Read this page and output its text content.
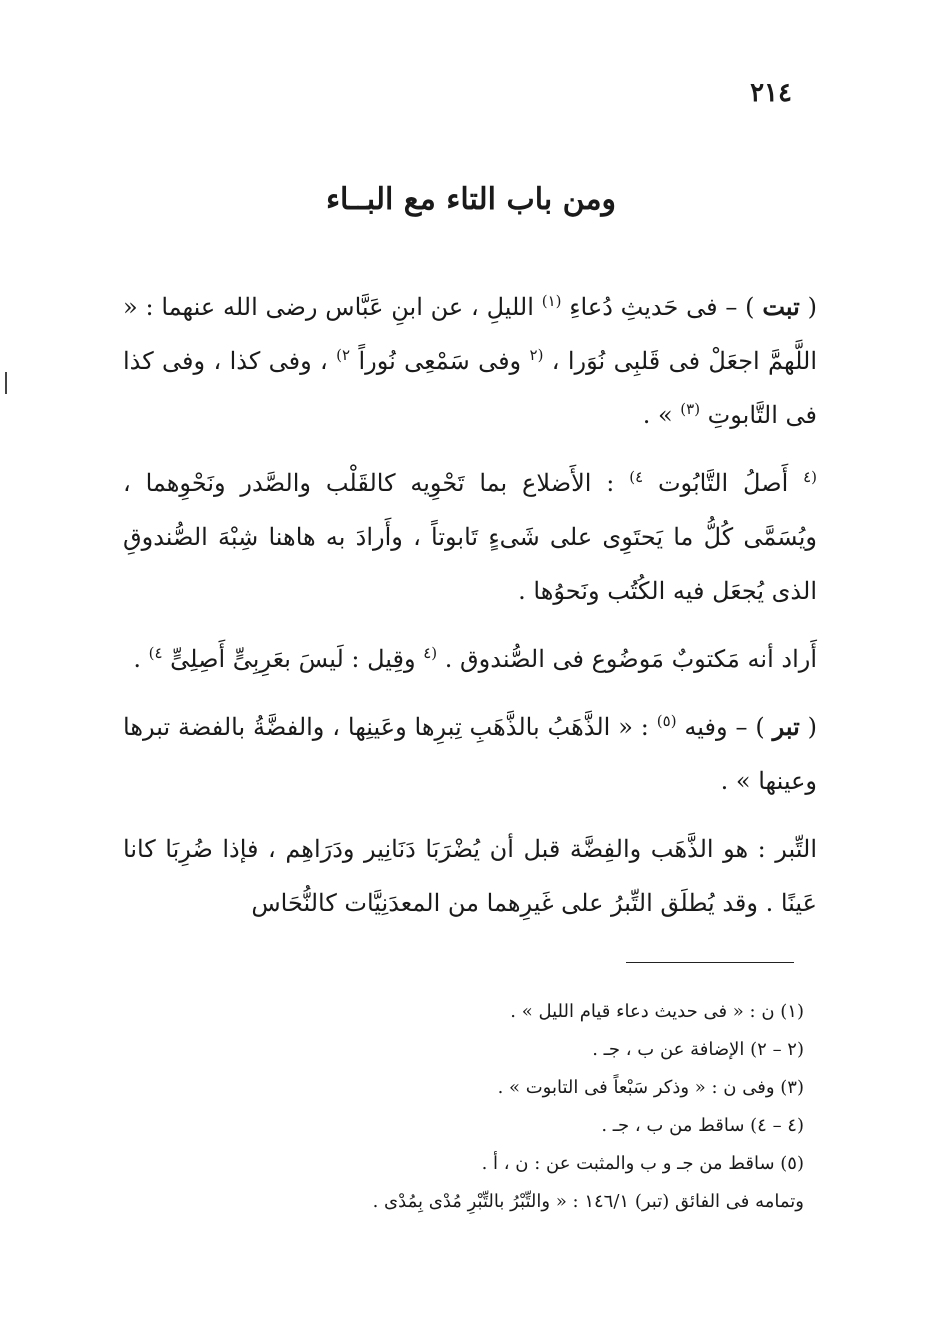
٢١٤
ومن باب التاء مع البــاء

( تبت ) – فى حَديثِ دُعاءِ $^{(١)}$ الليلِ ، عن ابنِ عَبَّاس رضى الله عنهما : « اللَّهمَّ اجعَلْ فى قَلبِى نُوَرا ، $^{(٢}$ وفى سَمْعِى نُوراً $^{٢)}$ ، وفى كذا ، وفى كذا فى التَّابوتِ $^{(٣)}$ » .

$^{(٤}$ أَصلُ التَّابُوت $^{٤)}$ : الأَضلاع بما تَحْوِيه كالقَلْب والصَّدر ونَحْوِهما ، ويُسَمَّى كُلُّ ما يَحتَوِى على شَىءٍ تَابوتاً ، وأَرادَ به هاهنا شِبْهَ الصُّندوقِ الذى يُجعَل فيه الكُتُب ونَحوُها .

أَراد أنه مَكتوبٌ مَوضُوع فى الصُّندوق . $^{(٤}$ وقِيل : لَيسَ بعَرِبِىٍّ أَصِلِىٍّ $^{٤)}$ .

( تبر ) – وفيه $^{(٥)}$ : « الذَّهَبُ بالذَّهَبِ تِبرِها وعَينِها ، والفضَّةُ بالفضة تبرها وعينها » .

التِّبر : هو الذَّهَب والفِضَّة قبل أن يُضْرَبَا دَنَانِير ودَرَاهِم ، فإذا ضُرِبَا كانا عَينًا . وقد يُطلَق التِّبرُ على غَيرِهما من المعدَنِيَّات كالنُّحَاس

(١) ن : « فى حديث دعاء قيام الليل » .
(٢ – ٢) الإضافة عن ب ، جـ .
(٣) وفى ن : « وذكر سَبْعاً فى التابوت » .
(٤ – ٤) ساقط من ب ، جـ .
(٥) ساقط من جـ و ب والمثبت عن : ن ، أ .
وتمامه فى الفائق (تبر) ١٤٦/١ : « والتِّبْرُ بالتِّبْرِ مُدْى بِمُدْى .
